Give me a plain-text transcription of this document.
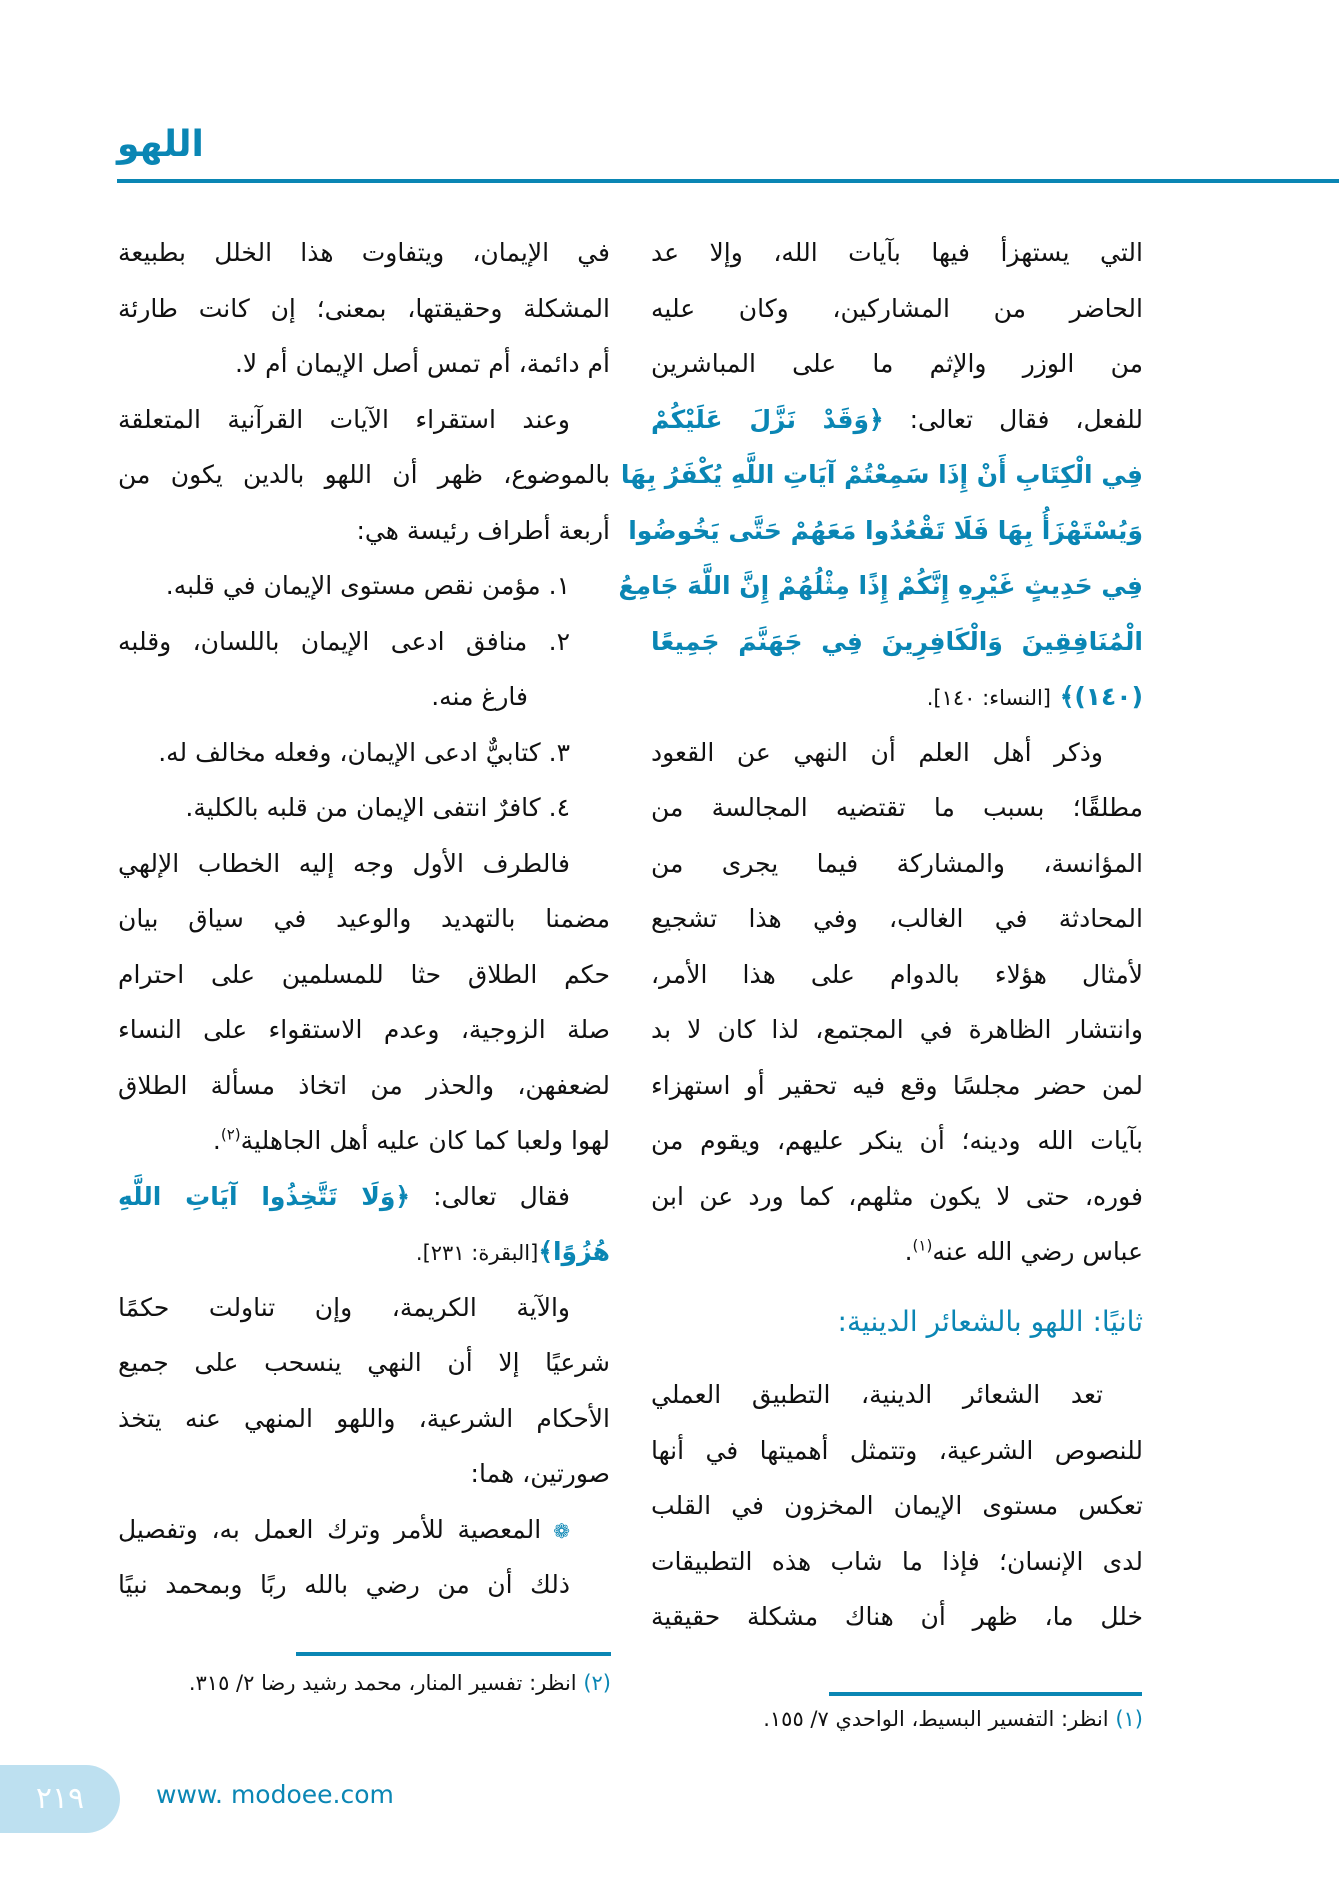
اللهو
التي يستهزأ فيها بآيات الله، وإلا عد
الحاضر من المشاركين، وكان عليه
من الوزر والإثم ما على المباشرين
للفعل، فقال تعالى: ﴿وَقَدْ نَزَّلَ عَلَيْكُمْ
فِي الْكِتَابِ أَنْ إِذَا سَمِعْتُمْ آيَاتِ اللَّهِ يُكْفَرُ بِهَا
وَيُسْتَهْزَأُ بِهَا فَلَا تَقْعُدُوا مَعَهُمْ حَتَّى يَخُوضُوا
فِي حَدِيثٍ غَيْرِهِ إِنَّكُمْ إِذًا مِثْلُهُمْ إِنَّ اللَّهَ جَامِعُ
الْمُنَافِقِينَ وَالْكَافِرِينَ فِي جَهَنَّمَ جَمِيعًا
(١٤٠)﴾ [النساء: ١٤٠].
وذكر أهل العلم أن النهي عن القعود
مطلقًا؛ بسبب ما تقتضيه المجالسة من
المؤانسة، والمشاركة فيما يجرى من
المحادثة في الغالب، وفي هذا تشجيع
لأمثال هؤلاء بالدوام على هذا الأمر،
وانتشار الظاهرة في المجتمع، لذا كان لا بد
لمن حضر مجلسًا وقع فيه تحقير أو استهزاء
بآيات الله ودينه؛ أن ينكر عليهم، ويقوم من
فوره، حتى لا يكون مثلهم، كما ورد عن ابن
عباس رضي الله عنه$^{(١)}$.
ثانيًا: اللهو بالشعائر الدينية:
تعد الشعائر الدينية، التطبيق العملي
للنصوص الشرعية، وتتمثل أهميتها في أنها
تعكس مستوى الإيمان المخزون في القلب
لدى الإنسان؛ فإذا ما شاب هذه التطبيقات
خلل ما، ظهر أن هناك مشكلة حقيقية
في الإيمان، ويتفاوت هذا الخلل بطبيعة
المشكلة وحقيقتها، بمعنى؛ إن كانت طارئة
أم دائمة، أم تمس أصل الإيمان أم لا.
وعند استقراء الآيات القرآنية المتعلقة
بالموضوع، ظهر أن اللهو بالدين يكون من
أربعة أطراف رئيسة هي:
١. مؤمن نقص مستوى الإيمان في قلبه.
٢. منافق ادعى الإيمان باللسان، وقلبه
فارغ منه.
٣. كتابيٌّ ادعى الإيمان، وفعله مخالف له.
٤. كافرٌ انتفى الإيمان من قلبه بالكلية.
فالطرف الأول وجه إليه الخطاب الإلهي
مضمنا بالتهديد والوعيد في سياق بيان
حكم الطلاق حثا للمسلمين على احترام
صلة الزوجية، وعدم الاستقواء على النساء
لضعفهن، والحذر من اتخاذ مسألة الطلاق
لهوا ولعبا كما كان عليه أهل الجاهلية$^{(٢)}$.
فقال تعالى: ﴿وَلَا تَتَّخِذُوا آيَاتِ اللَّهِ
هُزُوًا﴾[البقرة: ٢٣١].
والآية الكريمة، وإن تناولت حكمًا
شرعيًا إلا أن النهي ينسحب على جميع
الأحكام الشرعية، واللهو المنهي عنه يتخذ
صورتين، هما:
❁ المعصية للأمر وترك العمل به، وتفصيل
ذلك أن من رضي بالله ربًا وبمحمد نبيًا
(١) انظر: التفسير البسيط، الواحدي ٧/ ١٥٥.
(٢) انظر: تفسير المنار، محمد رشيد رضا ٢/ ٣١٥.
٢١٩	www. modoee.com
